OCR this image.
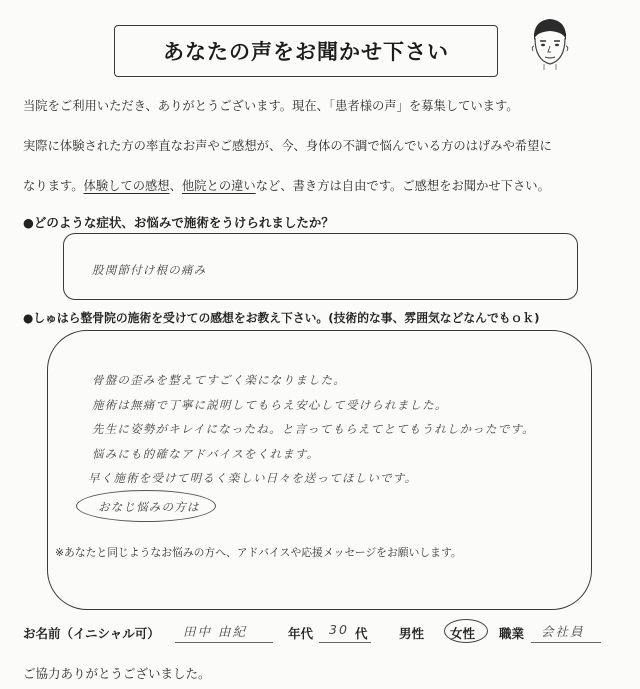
あなたの声をお聞かせ下さい
当院をご利用いただき、ありがとうございます。現在、「患者様の声」を募集しています。
実際に体験された方の率直なお声やご感想が、今、身体の不調で悩んでいる方のはげみや希望に
なります。体験しての感想、他院との違いなど、書き方は自由です。ご感想をお聞かせ下さい。
●どのような症状、お悩みで施術をうけられましたか？
股関節付け根の痛み
●しゅはら整骨院の施術を受けての感想をお教え下さい。(技術的な事、雰囲気などなんでもｏｋ)
骨盤の歪みを整えてすごく楽になりました。
施術は無痛で丁寧に説明してもらえ安心して受けられました。
先生に姿勢がキレイになったね。と言ってもらえてとてもうれしかったです。
悩みにも的確なアドバイスをくれます。
早く施術を受けて明るく楽しい日々を送ってほしいです。
おなじ悩みの方は
※あなたと同じようなお悩みの方へ、アドバイスや応援メッセージをお願いします。
お名前（イニシャル可） 田中 由紀	年代 30 代	男性 女性 職業 会社員
ご協力ありがとうございました。
